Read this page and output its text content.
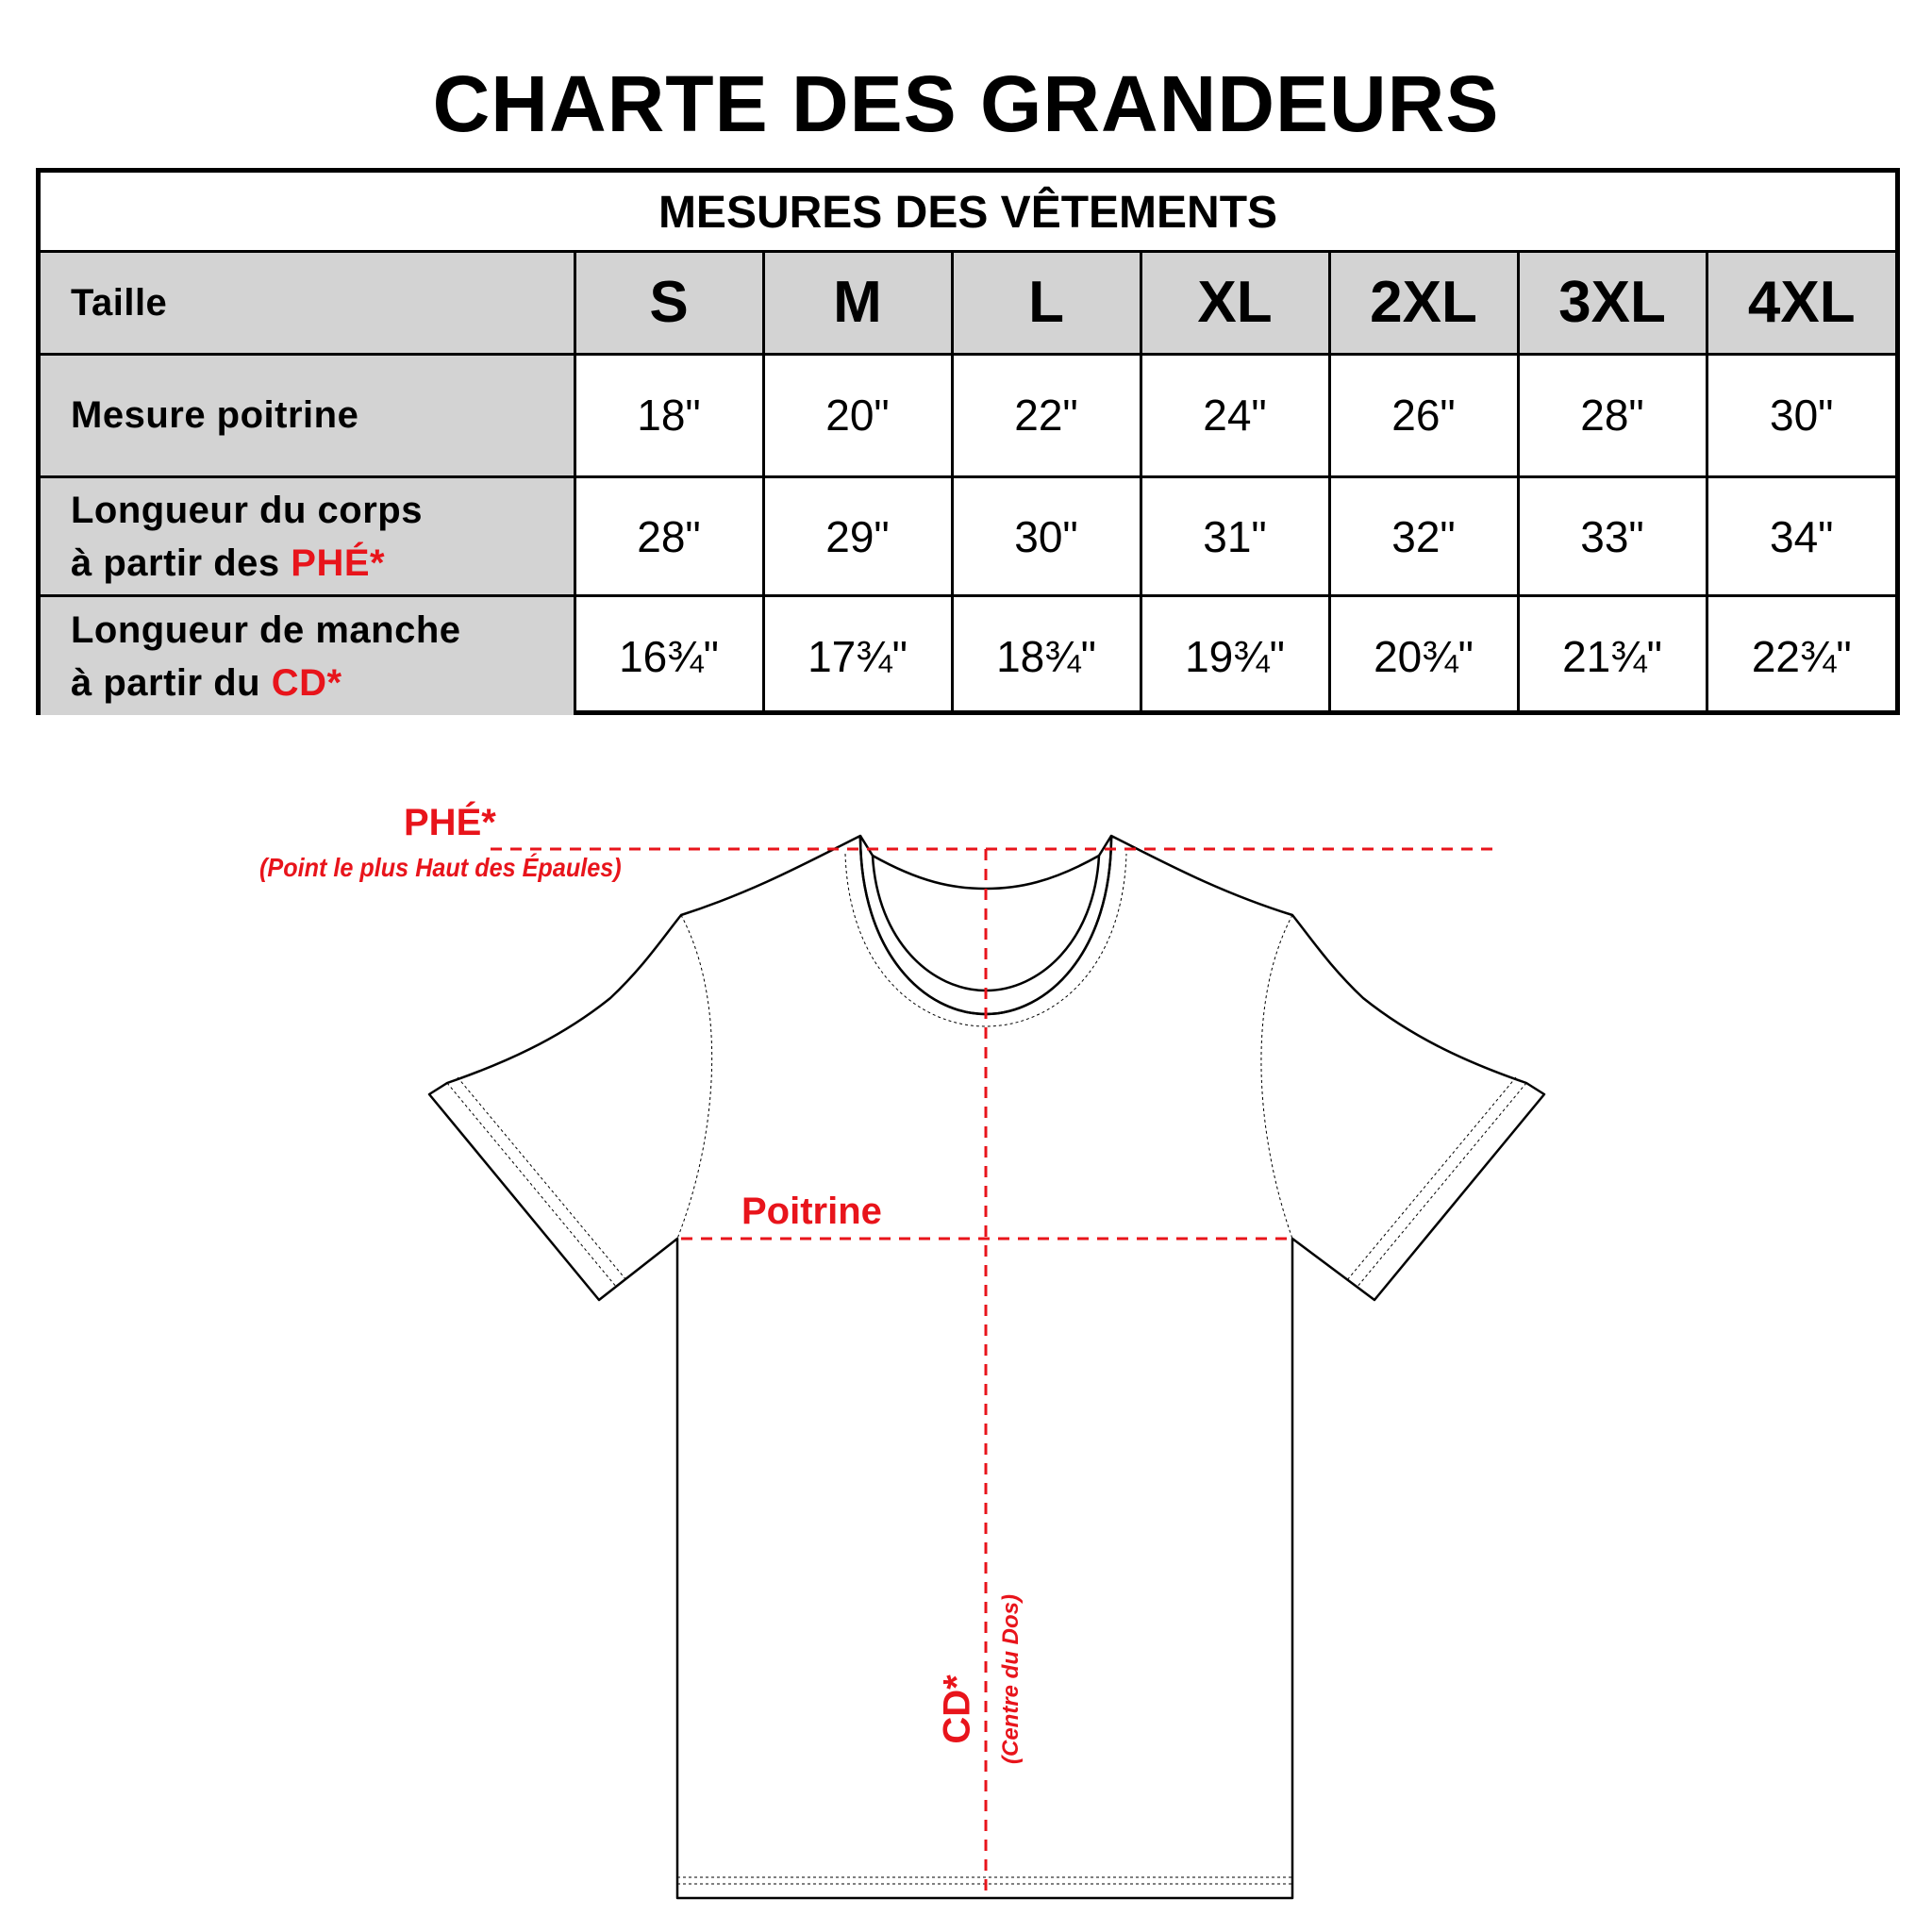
CHARTE DES GRANDEURS
MESURES DES VÊTEMENTS
Taille	S	M	L	XL	2XL	3XL	4XL
Mesure poitrine	18"	20"	22"	24"	26"	28"	30"
Longueur du corps
à partir des PHÉ*	28"	29"	30"	31"	32"	33"	34"
Longueur de manche
à partir du CD*	16¾"	17¾"	18¾"	19¾"	20¾"	21¾"	22¾"
PHÉ*
(Point le plus Haut des Épaules)
Poitrine
CD* (Centre du Dos)
